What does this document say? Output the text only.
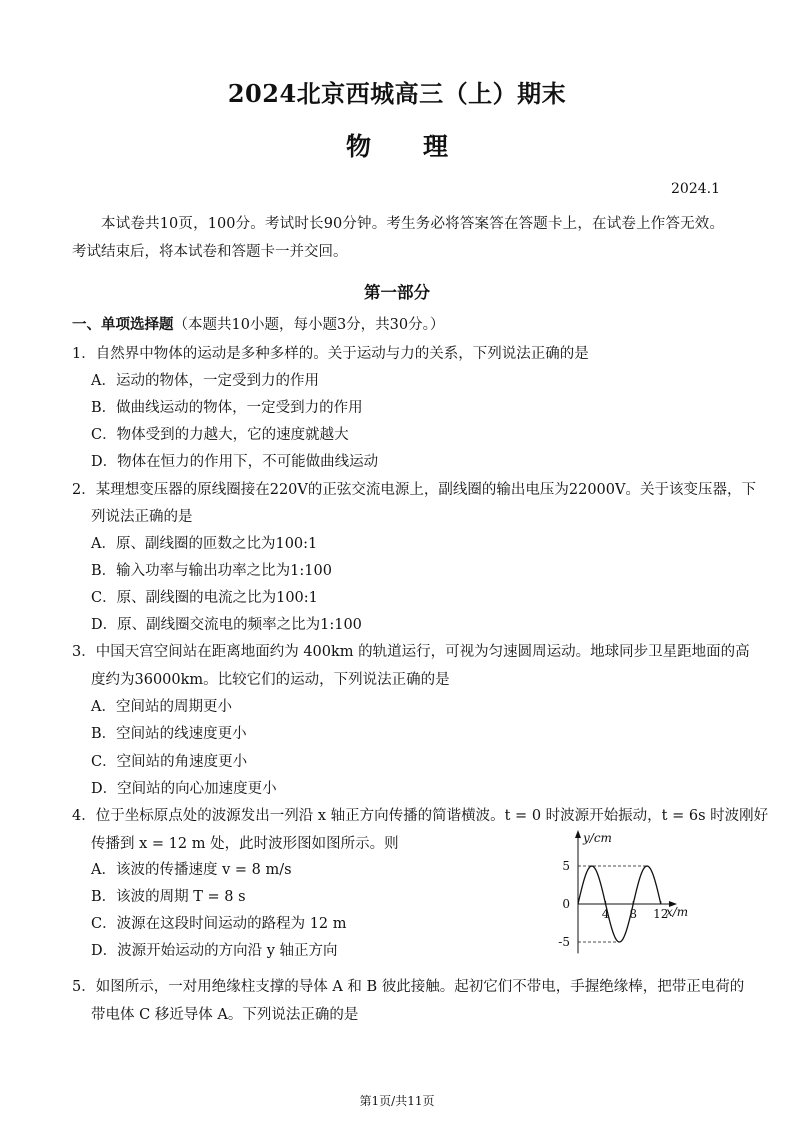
2024北京西城高三（上）期末
物 理
2024.1
本试卷共10页，100分。考试时长90分钟。考生务必将答案答在答题卡上，在试卷上作答无效。考试结束后，将本试卷和答题卡一并交回。
第一部分
一、单项选择题（本题共10小题，每小题3分，共30分。）
1．自然界中物体的运动是多种多样的。关于运动与力的关系，下列说法正确的是
A．运动的物体，一定受到力的作用
B．做曲线运动的物体，一定受到力的作用
C．物体受到的力越大，它的速度就越大
D．物体在恒力的作用下，不可能做曲线运动
2．某理想变压器的原线圈接在220V的正弦交流电源上，副线圈的输出电压为22000V。关于该变压器，下
列说法正确的是
A．原、副线圈的匝数之比为100:1
B．输入功率与输出功率之比为1:100
C．原、副线圈的电流之比为100:1
D．原、副线圈交流电的频率之比为1:100
3．中国天宫空间站在距离地面约为 400km 的轨道运行，可视为匀速圆周运动。地球同步卫星距地面的高
度约为36000km。比较它们的运动，下列说法正确的是
A．空间站的周期更小
B．空间站的线速度更小
C．空间站的角速度更小
D．空间站的向心加速度更小
4．位于坐标原点处的波源发出一列沿 x 轴正方向传播的简谐横波。t = 0 时波源开始振动，t = 6s 时波刚好
传播到 x = 12 m 处，此时波形图如图所示。则
A．该波的传播速度 v = 8 m/s
B．该波的周期 T = 8 s
C．波源在这段时间运动的路程为 12 m
D．波源开始运动的方向沿 y 轴正方向
4 8 12
5
0
-5
y/cm
x/m
5．如图所示，一对用绝缘柱支撑的导体 A 和 B 彼此接触。起初它们不带电，手握绝缘棒，把带正电荷的
带电体 C 移近导体 A。下列说法正确的是
第1页/共11页
